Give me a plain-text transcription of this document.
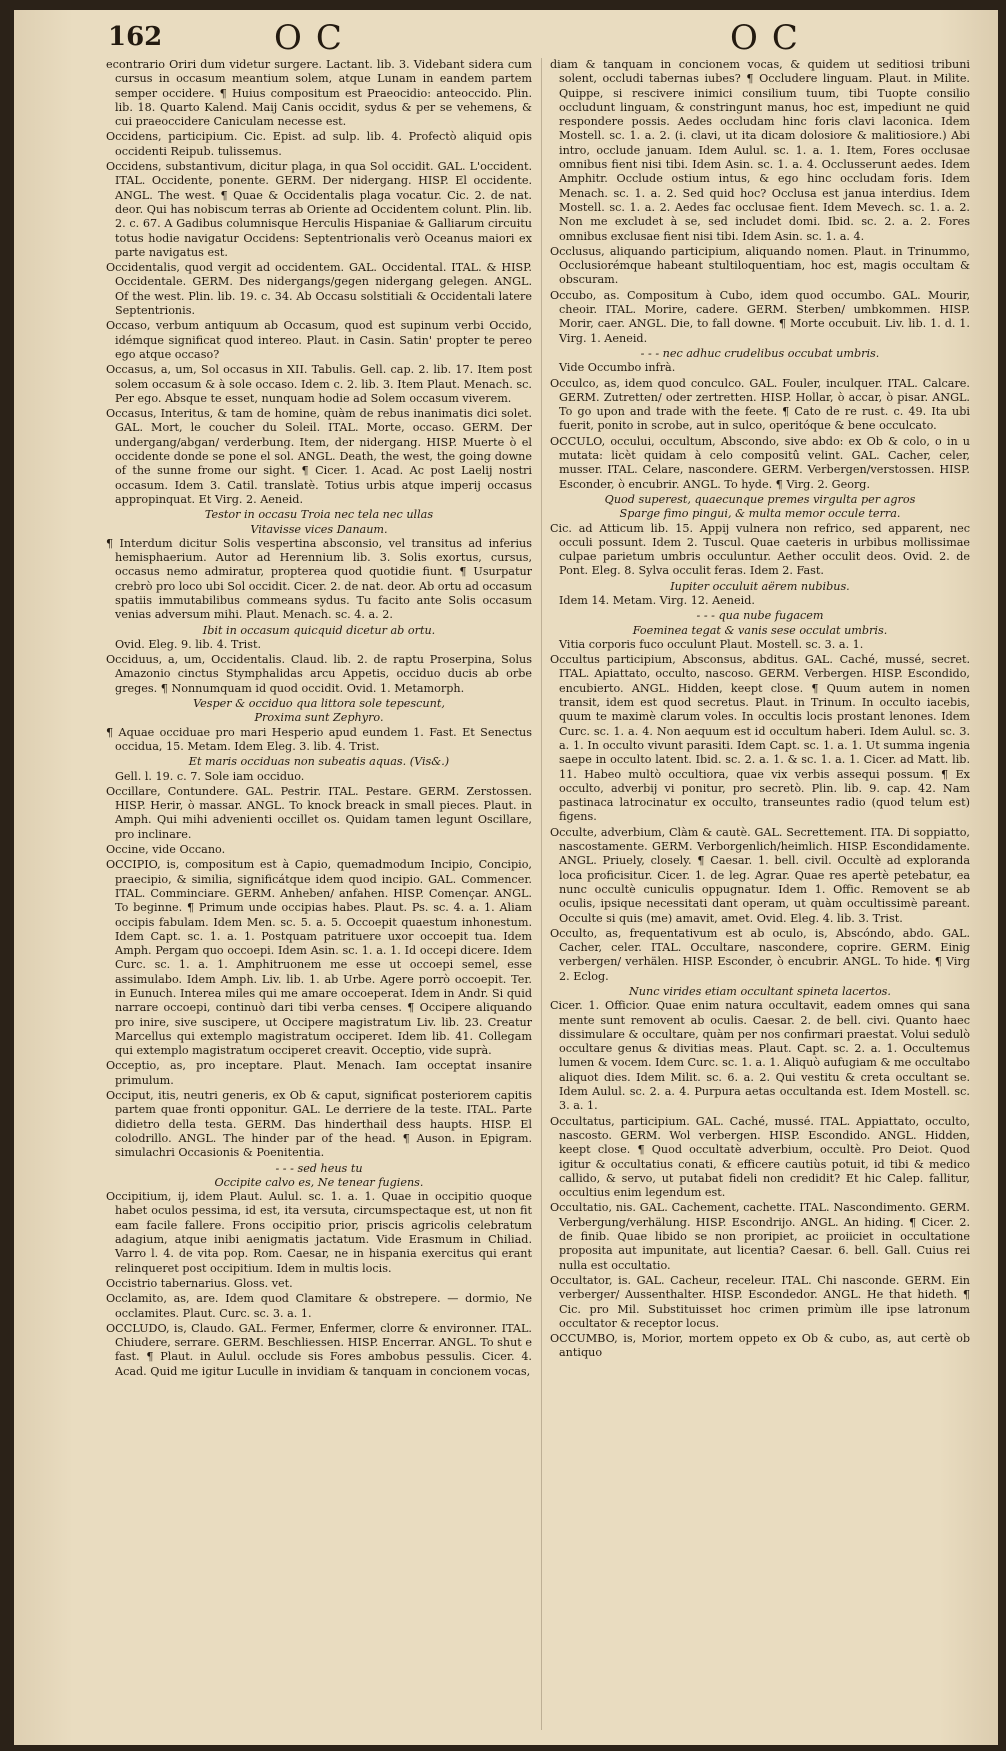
162	OC	OC

econtrario Oriri dum videtur surgere. Lactant. lib. 3. Videbant sidera cum cursus in occasum meantium solem, atque Lunam in eandem partem semper occidere. ¶ Huius compositum est Praeocidio: anteoccido. Plin. lib. 18. Quarto Kalend. Maij Canis occidit, sydus & per se vehemens, & cui praeoccidere Caniculam necesse est.

Occidens, participium. Cic. Epist. ad sulp. lib. 4. Profectò aliquid opis occidenti Reipub. tulissemus.

Occidens, substantivum, dicitur plaga, in qua Sol occidit. GAL. L'occident. ITAL. Occidente, ponente. GERM. Der nidergang. HISP. El occidente. ANGL. The west. ¶ Quae & Occidentalis plaga vocatur. Cic. 2. de nat. deor. Qui has nobiscum terras ab Oriente ad Occidentem colunt. Plin. lib. 2. c. 67. A Gadibus columnisque Herculis Hispaniae & Galliarum circuitu totus hodie navigatur Occidens: Septentrionalis verò Oceanus maiori ex parte navigatus est.

Occidentalis, quod vergit ad occidentem. GAL. Occidental. ITAL. & HISP. Occidentale. GERM. Des nidergangs/gegen nidergang gelegen. ANGL. Of the west. Plin. lib. 19. c. 34. Ab Occasu solstitiali & Occidentali latere Septentrionis.

Occaso, verbum antiquum ab Occasum, quod est supinum verbi Occido, idémque significat quod intereo. Plaut. in Casin. Satin' propter te pereo ego atque occaso?

Occasus, a, um, Sol occasus in XII. Tabulis. Gell. cap. 2. lib. 17. Item post solem occasum & à sole occaso. Idem c. 2. lib. 3. Item Plaut. Menach. sc. Per ego. Absque te esset, nunquam hodie ad Solem occasum viverem.

Occasus, Interitus, & tam de homine, quàm de rebus inanimatis dici solet. GAL. Mort, le coucher du Soleil. ITAL. Morte, occaso. GERM. Der undergang/abgan/ verderbung. Item, der nidergang. HISP. Muerte ò el occidente donde se pone el sol. ANGL. Death, the west, the going downe of the sunne frome our sight. ¶ Cicer. 1. Acad. Ac post Laelij nostri occasum. Idem 3. Catil. translatè. Totius urbis atque imperij occasus appropinquat. Et Virg. 2. Aeneid.

Testor in occasu Troia nec tela nec ullas

Vitavisse vices Danaum.

¶ Interdum dicitur Solis vespertina absconsio, vel transitus ad inferius hemisphaerium. Autor ad Herennium lib. 3. Solis exortus, cursus, occasus nemo admiratur, propterea quod quotidie fiunt. ¶ Usurpatur crebrò pro loco ubi Sol occidit. Cicer. 2. de nat. deor. Ab ortu ad occasum spatiis immutabilibus commeans sydus. Tu facito ante Solis occasum venias adversum mihi. Plaut. Menach. sc. 4. a. 2.

Ibit in occasum quicquid dicetur ab ortu.

Ovid. Eleg. 9. lib. 4. Trist.

Occiduus, a, um, Occidentalis. Claud. lib. 2. de raptu Proserpina, Solus Amazonio cinctus Stymphalidas arcu Appetis, occiduo ducis ab orbe greges. ¶ Nonnumquam id quod occidit. Ovid. 1. Metamorph.

Vesper & occiduo qua littora sole tepescunt,

Proxima sunt Zephyro.

¶ Aquae occiduae pro mari Hesperio apud eundem 1. Fast. Et Senectus occidua, 15. Metam. Idem Eleg. 3. lib. 4. Trist.

Et maris occiduas non subeatis aquas. (Vis&.)

Gell. l. 19. c. 7. Sole iam occiduo.

Occillare, Contundere. GAL. Pestrir. ITAL. Pestare. GERM. Zerstossen. HISP. Herir, ò massar. ANGL. To knock breack in small pieces. Plaut. in Amph. Qui mihi advenienti occillet os. Quidam tamen legunt Oscillare, pro inclinare.

Occine, vide Occano.

OCCIPIO, is, compositum est à Capio, quemadmodum Incipio, Concipio, praecipio, & similia, significátque idem quod incipio. GAL. Commencer. ITAL. Comminciare. GERM. Anheben/ anfahen. HISP. Començar. ANGL. To beginne. ¶ Primum unde occipias habes. Plaut. Ps. sc. 4. a. 1. Aliam occipis fabulam. Idem Men. sc. 5. a. 5. Occoepit quaestum inhonestum. Idem Capt. sc. 1. a. 1. Postquam patrituere uxor occoepit tua. Idem Amph. Pergam quo occoepi. Idem Asin. sc. 1. a. 1. Id occepi dicere. Idem Curc. sc. 1. a. 1. Amphitruonem me esse ut occoepi semel, esse assimulabo. Idem Amph. Liv. lib. 1. ab Urbe. Agere porrò occoepit. Ter. in Eunuch. Interea miles qui me amare occoeperat. Idem in Andr. Si quid narrare occoepi, continuò dari tibi verba censes. ¶ Occipere aliquando pro inire, sive suscipere, ut Occipere magistratum Liv. lib. 23. Creatur Marcellus qui extemplo magistratum occiperet. Idem lib. 41. Collegam qui extemplo magistratum occiperet creavit. Occeptio, vide suprà.

Occeptio, as, pro inceptare. Plaut. Menach. Iam occeptat insanire primulum.

Occiput, itis, neutri generis, ex Ob & caput, significat posteriorem capitis partem quae fronti opponitur. GAL. Le derriere de la teste. ITAL. Parte didietro della testa. GERM. Das hinderthail dess haupts. HISP. El colodrillo. ANGL. The hinder par of the head. ¶ Auson. in Epigram. simulachri Occasionis & Poenitentia.

- - - sed heus tu

Occipite calvo es, Ne tenear fugiens.

Occipitium, ij, idem Plaut. Aulul. sc. 1. a. 1. Quae in occipitio quoque habet oculos pessima, id est, ita versuta, circumspectaque est, ut non fit eam facile fallere. Frons occipitio prior, priscis agricolis celebratum adagium, atque inibi aenigmatis jactatum. Vide Erasmum in Chiliad. Varro l. 4. de vita pop. Rom. Caesar, ne in hispania exercitus qui erant relinqueret post occipitium. Idem in multis locis.

Occistrio tabernarius. Gloss. vet.

Occlamito, as, are. Idem quod Clamitare & obstrepere. — dormio, Ne occlamites. Plaut. Curc. sc. 3. a. 1.

OCCLUDO, is, Claudo. GAL. Fermer, Enfermer, clorre & environner. ITAL. Chiudere, serrare. GERM. Beschliessen. HISP. Encerrar. ANGL. To shut e fast. ¶ Plaut. in Aulul. occlude sis Fores ambobus pessulis. Cicer. 4. Acad. Quid me igitur Luculle in invidiam & tanquam in concionem vocas,

diam & tanquam in concionem vocas, & quidem ut seditiosi tribuni solent, occludi tabernas iubes? ¶ Occludere linguam. Plaut. in Milite. Quippe, si rescivere inimici consilium tuum, tibi Tuopte consilio occludunt linguam, & constringunt manus, hoc est, impediunt ne quid respondere possis. Aedes occludam hinc foris clavi laconica. Idem Mostell. sc. 1. a. 2. (i. clavi, ut ita dicam dolosiore & malitiosiore.) Abi intro, occlude januam. Idem Aulul. sc. 1. a. 1. Item, Fores occlusae omnibus fient nisi tibi. Idem Asin. sc. 1. a. 4. Occlusserunt aedes. Idem Amphitr. Occlude ostium intus, & ego hinc occludam foris. Idem Menach. sc. 1. a. 2. Sed quid hoc? Occlusa est janua interdius. Idem Mostell. sc. 1. a. 2. Aedes fac occlusae fient. Idem Mevech. sc. 1. a. 2. Non me excludet à se, sed includet domi. Ibid. sc. 2. a. 2. Fores omnibus exclusae fient nisi tibi. Idem Asin. sc. 1. a. 4.

Occlusus, aliquando participium, aliquando nomen. Plaut. in Trinummo, Occlusiorémque habeant stultiloquentiam, hoc est, magis occultam & obscuram.

Occubo, as. Compositum à Cubo, idem quod occumbo. GAL. Mourir, cheoir. ITAL. Morire, cadere. GERM. Sterben/ umbkommen. HISP. Morir, caer. ANGL. Die, to fall downe. ¶ Morte occubuit. Liv. lib. 1. d. 1. Virg. 1. Aeneid.

- - - nec adhuc crudelibus occubat umbris.

Vide Occumbo infrà.

Occulco, as, idem quod conculco. GAL. Fouler, inculquer. ITAL. Calcare. GERM. Zutretten/ oder zertretten. HISP. Hollar, ò accar, ò pisar. ANGL. To go upon and trade with the feete. ¶ Cato de re rust. c. 49. Ita ubi fuerit, ponito in scrobe, aut in sulco, operitóque & bene occulcato.

OCCULO, occului, occultum, Abscondo, sive abdo: ex Ob & colo, o in u mutata: licèt quidam à celo compositû velint. GAL. Cacher, celer, musser. ITAL. Celare, nascondere. GERM. Verbergen/verstossen. HISP. Esconder, ò encubrir. ANGL. To hyde. ¶ Virg. 2. Georg.

Quod superest, quaecunque premes virgulta per agros

Sparge fimo pingui, & multa memor occule terra.

Cic. ad Atticum lib. 15. Appij vulnera non refrico, sed apparent, nec occuli possunt. Idem 2. Tuscul. Quae caeteris in urbibus mollissimae culpae parietum umbris occuluntur. Aether occulit deos. Ovid. 2. de Pont. Eleg. 8. Sylva occulit feras. Idem 2. Fast.

Iupiter occuluit aërem nubibus.

Idem 14. Metam. Virg. 12. Aeneid.

- - - qua nube fugacem

Foeminea tegat & vanis sese occulat umbris.

Vitia corporis fuco occulunt Plaut. Mostell. sc. 3. a. 1.

Occultus participium, Absconsus, abditus. GAL. Caché, mussé, secret. ITAL. Apiattato, occulto, nascoso. GERM. Verbergen. HISP. Escondido, encubierto. ANGL. Hidden, keept close. ¶ Quum autem in nomen transit, idem est quod secretus. Plaut. in Trinum. In occulto iacebis, quum te maximè clarum voles. In occultis locis prostant lenones. Idem Curc. sc. 1. a. 4. Non aequum est id occultum haberi. Idem Aulul. sc. 3. a. 1. In occulto vivunt parasiti. Idem Capt. sc. 1. a. 1. Ut summa ingenia saepe in occulto latent. Ibid. sc. 2. a. 1. & sc. 1. a. 1. Cicer. ad Matt. lib. 11. Habeo multò occultiora, quae vix verbis assequi possum. ¶ Ex occulto, adverbij vi ponitur, pro secretò. Plin. lib. 9. cap. 42. Nam pastinaca latrocinatur ex occulto, transeuntes radio (quod telum est) figens.

Occulte, adverbium, Clàm & cautè. GAL. Secrettement. ITA. Di soppiatto, nascostamente. GERM. Verborgenlich/heimlich. HISP. Escondidamente. ANGL. Priuely, closely. ¶ Caesar. 1. bell. civil. Occultè ad exploranda loca proficisitur. Cicer. 1. de leg. Agrar. Quae res apertè petebatur, ea nunc occultè cuniculis oppugnatur. Idem 1. Offic. Removent se ab oculis, ipsique necessitati dant operam, ut quàm occultissimè pareant. Occulte si quis (me) amavit, amet. Ovid. Eleg. 4. lib. 3. Trist.

Occulto, as, frequentativum est ab oculo, is, Abscóndo, abdo. GAL. Cacher, celer. ITAL. Occultare, nascondere, coprire. GERM. Einig verbergen/ verhälen. HISP. Esconder, ò encubrir. ANGL. To hide. ¶ Virg 2. Eclog.

Nunc virides etiam occultant spineta lacertos.

Cicer. 1. Officior. Quae enim natura occultavit, eadem omnes qui sana mente sunt removent ab oculis. Caesar. 2. de bell. civi. Quanto haec dissimulare & occultare, quàm per nos confirmari praestat. Volui sedulò occultare genus & divitias meas. Plaut. Capt. sc. 2. a. 1. Occultemus lumen & vocem. Idem Curc. sc. 1. a. 1. Aliquò aufugiam & me occultabo aliquot dies. Idem Milit. sc. 6. a. 2. Qui vestitu & creta occultant se. Idem Aulul. sc. 2. a. 4. Purpura aetas occultanda est. Idem Mostell. sc. 3. a. 1.

Occultatus, participium. GAL. Caché, mussé. ITAL. Appiattato, occulto, nascosto. GERM. Wol verbergen. HISP. Escondido. ANGL. Hidden, keept close. ¶ Quod occultatè adverbium, occultè. Pro Deiot. Quod igitur & occultatius conati, & efficere cautiùs potuit, id tibi & medico callido, & servo, ut putabat fideli non credidit? Et hic Calep. fallitur, occultius enim legendum est.

Occultatio, nis. GAL. Cachement, cachette. ITAL. Nascondimento. GERM. Verbergung/verhälung. HISP. Escondrijo. ANGL. An hiding. ¶ Cicer. 2. de finib. Quae libido se non proripiet, ac proiiciet in occultatione proposita aut impunitate, aut licentia? Caesar. 6. bell. Gall. Cuius rei nulla est occultatio.

Occultator, is. GAL. Cacheur, receleur. ITAL. Chi nasconde. GERM. Ein verberger/ Aussenthalter. HISP. Escondedor. ANGL. He that hideth. ¶ Cic. pro Mil. Substituisset hoc crimen primùm ille ipse latronum occultator & receptor locus.

OCCUMBO, is, Morior, mortem oppeto ex Ob & cubo, as, aut certè ob antiquo
